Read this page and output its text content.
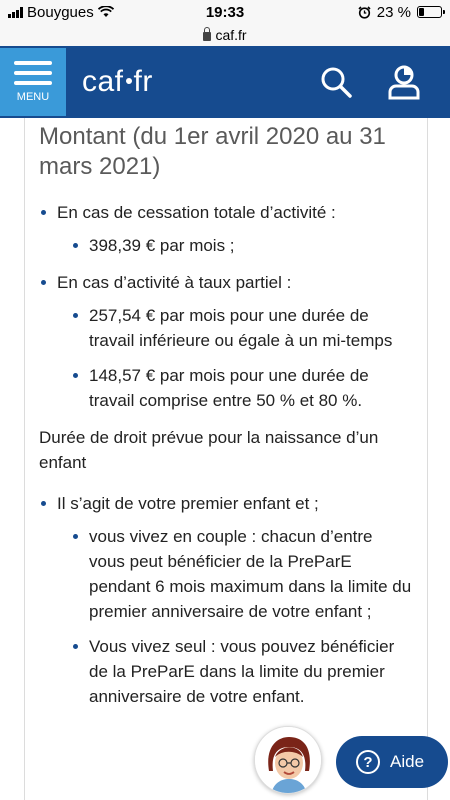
Bouygues	19:33	23 %
caf.fr
MENU caf fr
Montant (du 1er avril 2020 au 31 mars 2021)
En cas de cessation totale d’activité :
398,39 € par mois ;
En cas d’activité à taux partiel :
257,54 € par mois pour une durée de travail inférieure ou égale à un mi-temps
148,57 € par mois pour une durée de travail comprise entre 50 % et 80 %.

Durée de droit prévue pour la naissance d’un enfant

Il s’agit de votre premier enfant et ;
vous vivez en couple : chacun d’entre vous peut bénéficier de la PreParE pendant 6 mois maximum dans la limite du premier anniversaire de votre enfant ;
Vous vivez seul : vous pouvez bénéficier de la PreParE dans la limite du premier anniversaire de votre enfant.
?	Aide
